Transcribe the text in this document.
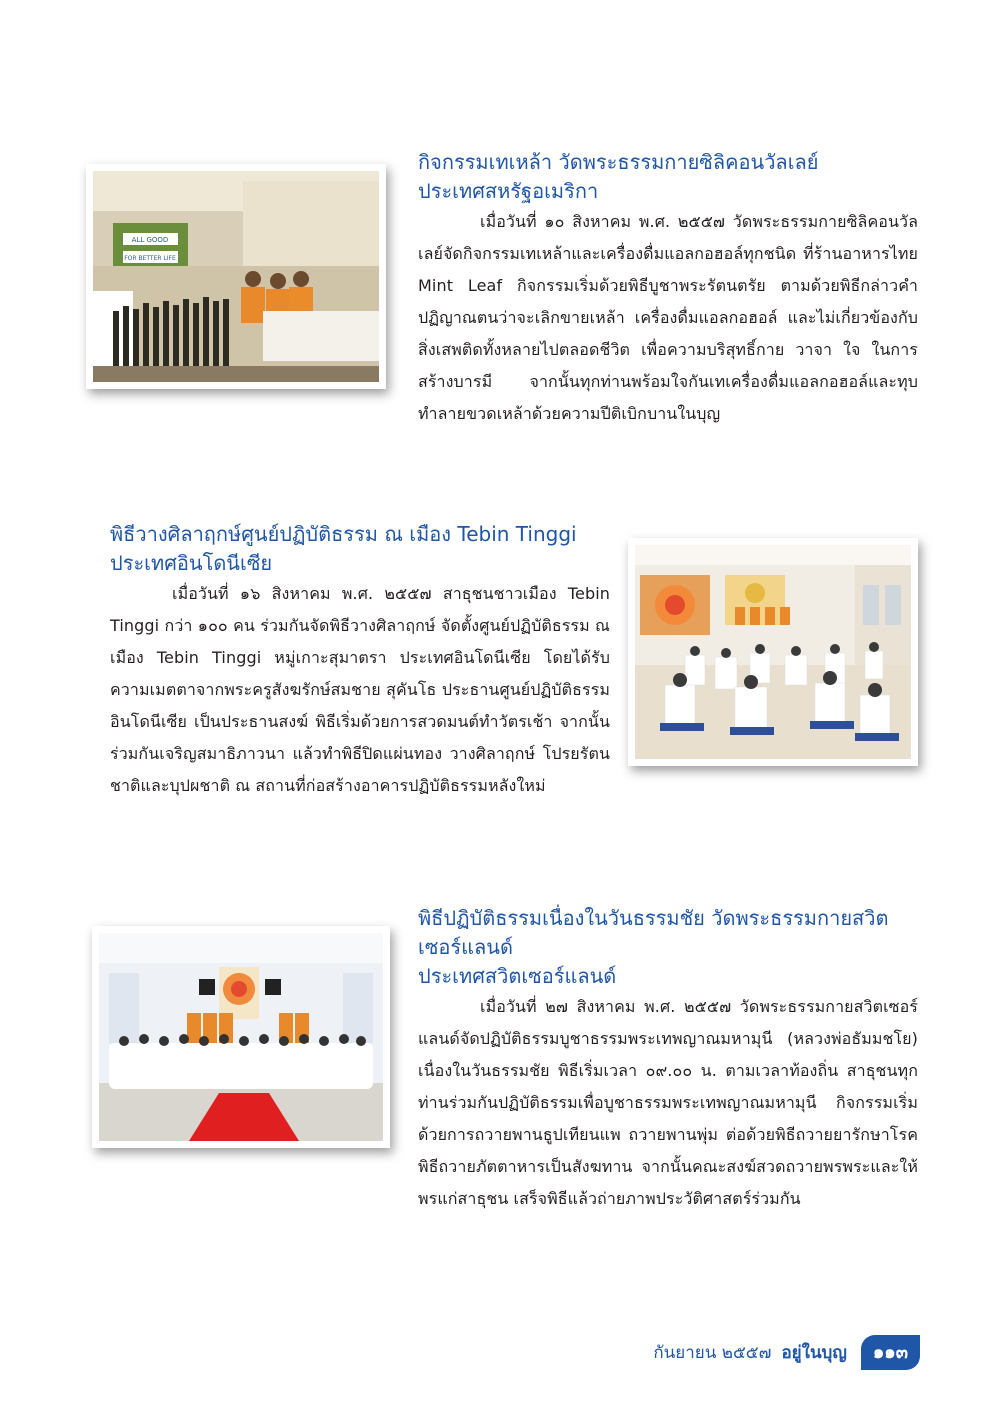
ALL GOOD
FOR BETTER LIFE
กิจกรรมเทเหล้า วัดพระธรรมกายซิลิคอนวัลเลย์
ประเทศสหรัฐอเมริกา

เมื่อวันที่ ๑๐ สิงหาคม พ.ศ. ๒๕๕๗ วัดพระธรรมกายซิลิคอนวัลเลย์จัดกิจกรรมเทเหล้าและเครื่องดื่มแอลกอฮอล์ทุกชนิด ที่ร้านอาหารไทย Mint Leaf กิจกรรมเริ่มด้วยพิธีบูชาพระรัตนตรัย ตามด้วยพิธีกล่าวคำปฏิญาณตนว่าจะเลิกขายเหล้า เครื่องดื่มแอลกอฮอล์ และไม่เกี่ยวข้องกับสิ่งเสพติดทั้งหลายไปตลอดชีวิต เพื่อความบริสุทธิ์กาย วาจา ใจ ในการสร้างบารมี จากนั้นทุกท่านพร้อมใจกันเทเครื่องดื่มแอลกอฮอล์และทุบทำลายขวดเหล้าด้วยความปีติเบิกบานในบุญ

พิธีวางศิลาฤกษ์ศูนย์ปฏิบัติธรรม ณ เมือง Tebin Tinggi
ประเทศอินโดนีเซีย

เมื่อวันที่ ๑๖ สิงหาคม พ.ศ. ๒๕๕๗ สาธุชนชาวเมือง Tebin Tinggi กว่า ๑๐๐ คน ร่วมกันจัดพิธีวางศิลาฤกษ์ จัดตั้งศูนย์ปฏิบัติธรรม ณ เมือง Tebin Tinggi หมู่เกาะสุมาตรา ประเทศอินโดนีเซีย โดยได้รับความเมตตาจากพระครูสังฆรักษ์สมชาย สุคันโธ ประธานศูนย์ปฏิบัติธรรมอินโดนีเซีย เป็นประธานสงฆ์ พิธีเริ่มด้วยการสวดมนต์ทำวัตรเช้า จากนั้นร่วมกันเจริญสมาธิภาวนา แล้วทำพิธีปิดแผ่นทอง วางศิลาฤกษ์ โปรยรัตนชาติและบุปผชาติ ณ สถานที่ก่อสร้างอาคารปฏิบัติธรรมหลังใหม่

พิธีปฏิบัติธรรมเนื่องในวันธรรมชัย วัดพระธรรมกายสวิตเซอร์แลนด์
ประเทศสวิตเซอร์แลนด์

เมื่อวันที่ ๒๗ สิงหาคม พ.ศ. ๒๕๕๗ วัดพระธรรมกายสวิตเซอร์แลนด์จัดปฏิบัติธรรมบูชาธรรมพระเทพญาณมหามุนี (หลวงพ่อธัมมชโย) เนื่องในวันธรรมชัย พิธีเริ่มเวลา ๐๙.๐๐ น. ตามเวลาท้องถิ่น สาธุชนทุกท่านร่วมกันปฏิบัติธรรมเพื่อบูชาธรรมพระเทพญาณมหามุนี กิจกรรมเริ่มด้วยการถวายพานธูปเทียนแพ ถวายพานพุ่ม ต่อด้วยพิธีถวายยารักษาโรค พิธีถวายภัตตาหารเป็นสังฆทาน จากนั้นคณะสงฆ์สวดถวายพรพระและให้พรแก่สาธุชน เสร็จพิธีแล้วถ่ายภาพประวัติศาสตร์ร่วมกัน

กันยายน ๒๕๕๗ อยู่ในบุญ	๑๑๓
